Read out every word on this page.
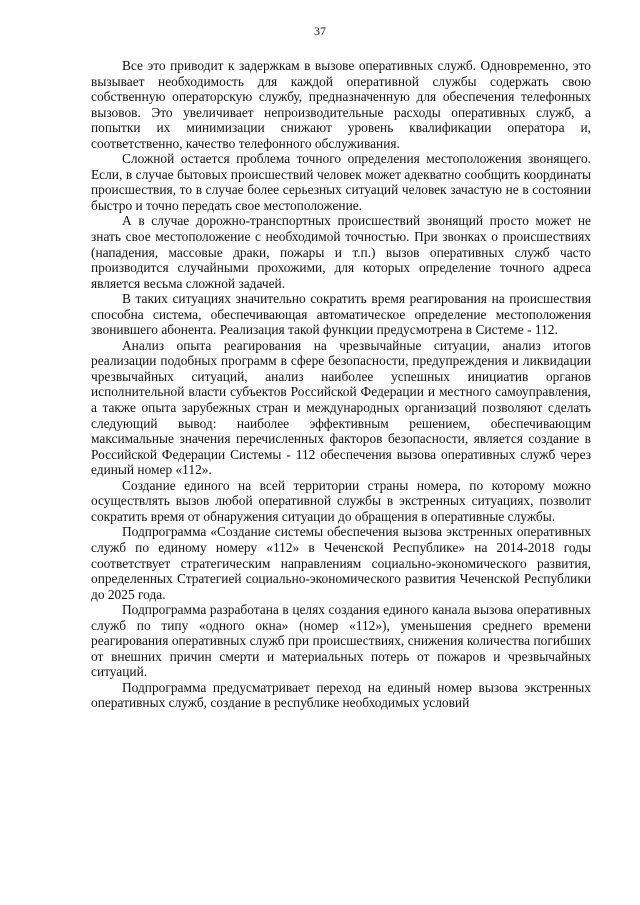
37

Все это приводит к задержкам в вызове оперативных служб. Одновременно, это вызывает необходимость для каждой оперативной службы содержать свою собственную операторскую службу, предназначенную для обеспечения телефонных вызовов. Это увеличивает непроизводительные расходы оперативных служб, а попытки их минимизации снижают уровень квалификации оператора и, соответственно, качество телефонного обслуживания.

Сложной остается проблема точного определения местоположения звонящего. Если, в случае бытовых происшествий человек может адекватно сообщить координаты происшествия, то в случае более серьезных ситуаций человек зачастую не в состоянии быстро и точно передать свое местоположение.

А в случае дорожно-транспортных происшествий звонящий просто может не знать свое местоположение с необходимой точностью. При звонках о происшествиях (нападения, массовые драки, пожары и т.п.) вызов оперативных служб часто производится случайными прохожими, для которых определение точного адреса является весьма сложной задачей.

В таких ситуациях значительно сократить время реагирования на происшествия способна система, обеспечивающая автоматическое определение местоположения звонившего абонента. Реализация такой функции предусмотрена в Системе - 112.

Анализ опыта реагирования на чрезвычайные ситуации, анализ итогов реализации подобных программ в сфере безопасности, предупреждения и ликвидации чрезвычайных ситуаций, анализ наиболее успешных инициатив органов исполнительной власти субъектов Российской Федерации и местного самоуправления, а также опыта зарубежных стран и международных организаций позволяют сделать следующий вывод: наиболее эффективным решением, обеспечивающим максимальные значения перечисленных факторов безопасности, является создание в Российской Федерации Системы - 112 обеспечения вызова оперативных служб через единый номер «112».

Создание единого на всей территории страны номера, по которому можно осуществлять вызов любой оперативной службы в экстренных ситуациях, позволит сократить время от обнаружения ситуации до обращения в оперативные службы.

Подпрограмма «Создание системы обеспечения вызова экстренных оперативных служб по единому номеру «112» в Чеченской Республике» на 2014-2018 годы соответствует стратегическим направлениям социально-экономического развития, определенных Стратегией социально-экономического развития Чеченской Республики до 2025 года.

Подпрограмма разработана в целях создания единого канала вызова оперативных служб по типу «одного окна» (номер «112»), уменьшения среднего времени реагирования оперативных служб при происшествиях, снижения количества погибших от внешних причин смерти и материальных потерь от пожаров и чрезвычайных ситуаций.

Подпрограмма предусматривает переход на единый номер вызова экстренных оперативных служб, создание в республике необходимых условий
